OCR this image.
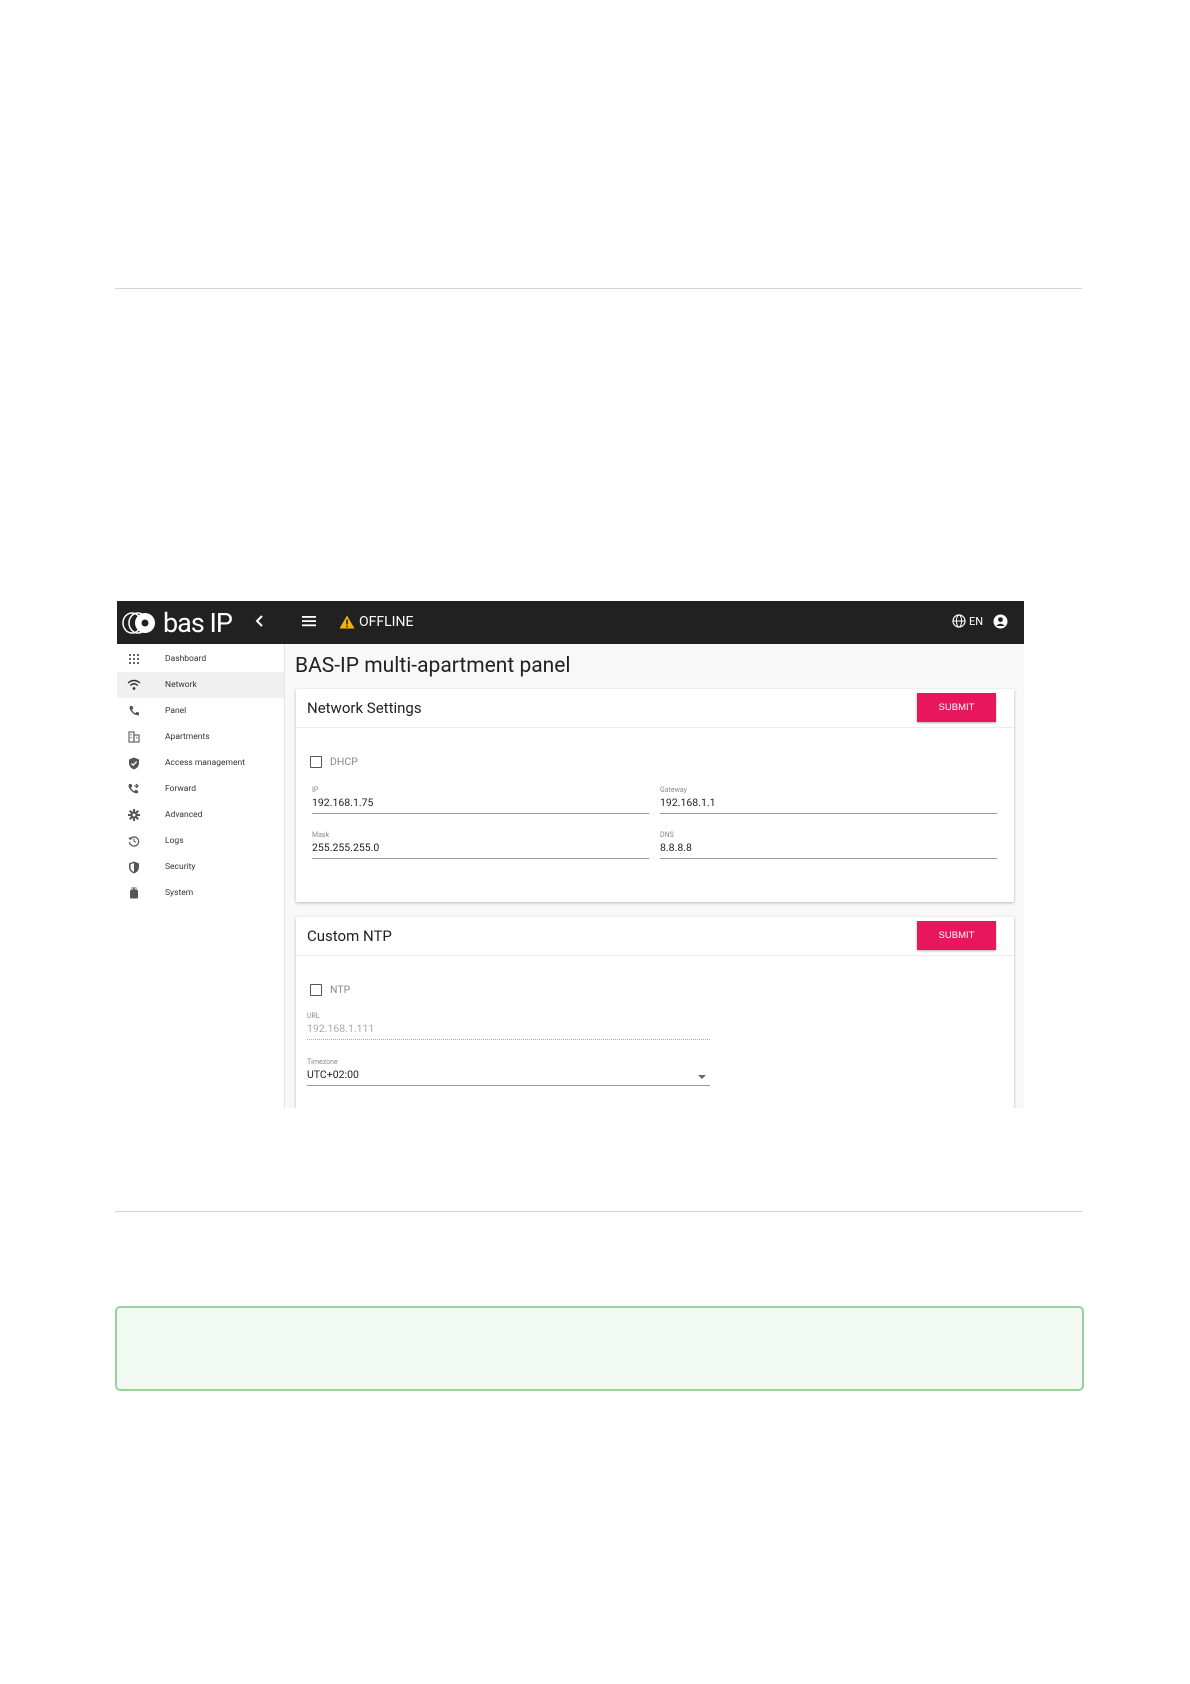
bas IP	OFFLINE	EN
Dashboard
Network
Panel
Apartments
Access management
Forward
Advanced
Logs
Security
System
BAS-IP multi-apartment panel
Network Settings	SUBMIT
DHCP
IP
192.168.1.75
Gateway
192.168.1.1
Mask
255.255.255.0
DNS
8.8.8.8
Custom NTP	SUBMIT
NTP
URL
192.168.1.111
Timezone
UTC+02:00
